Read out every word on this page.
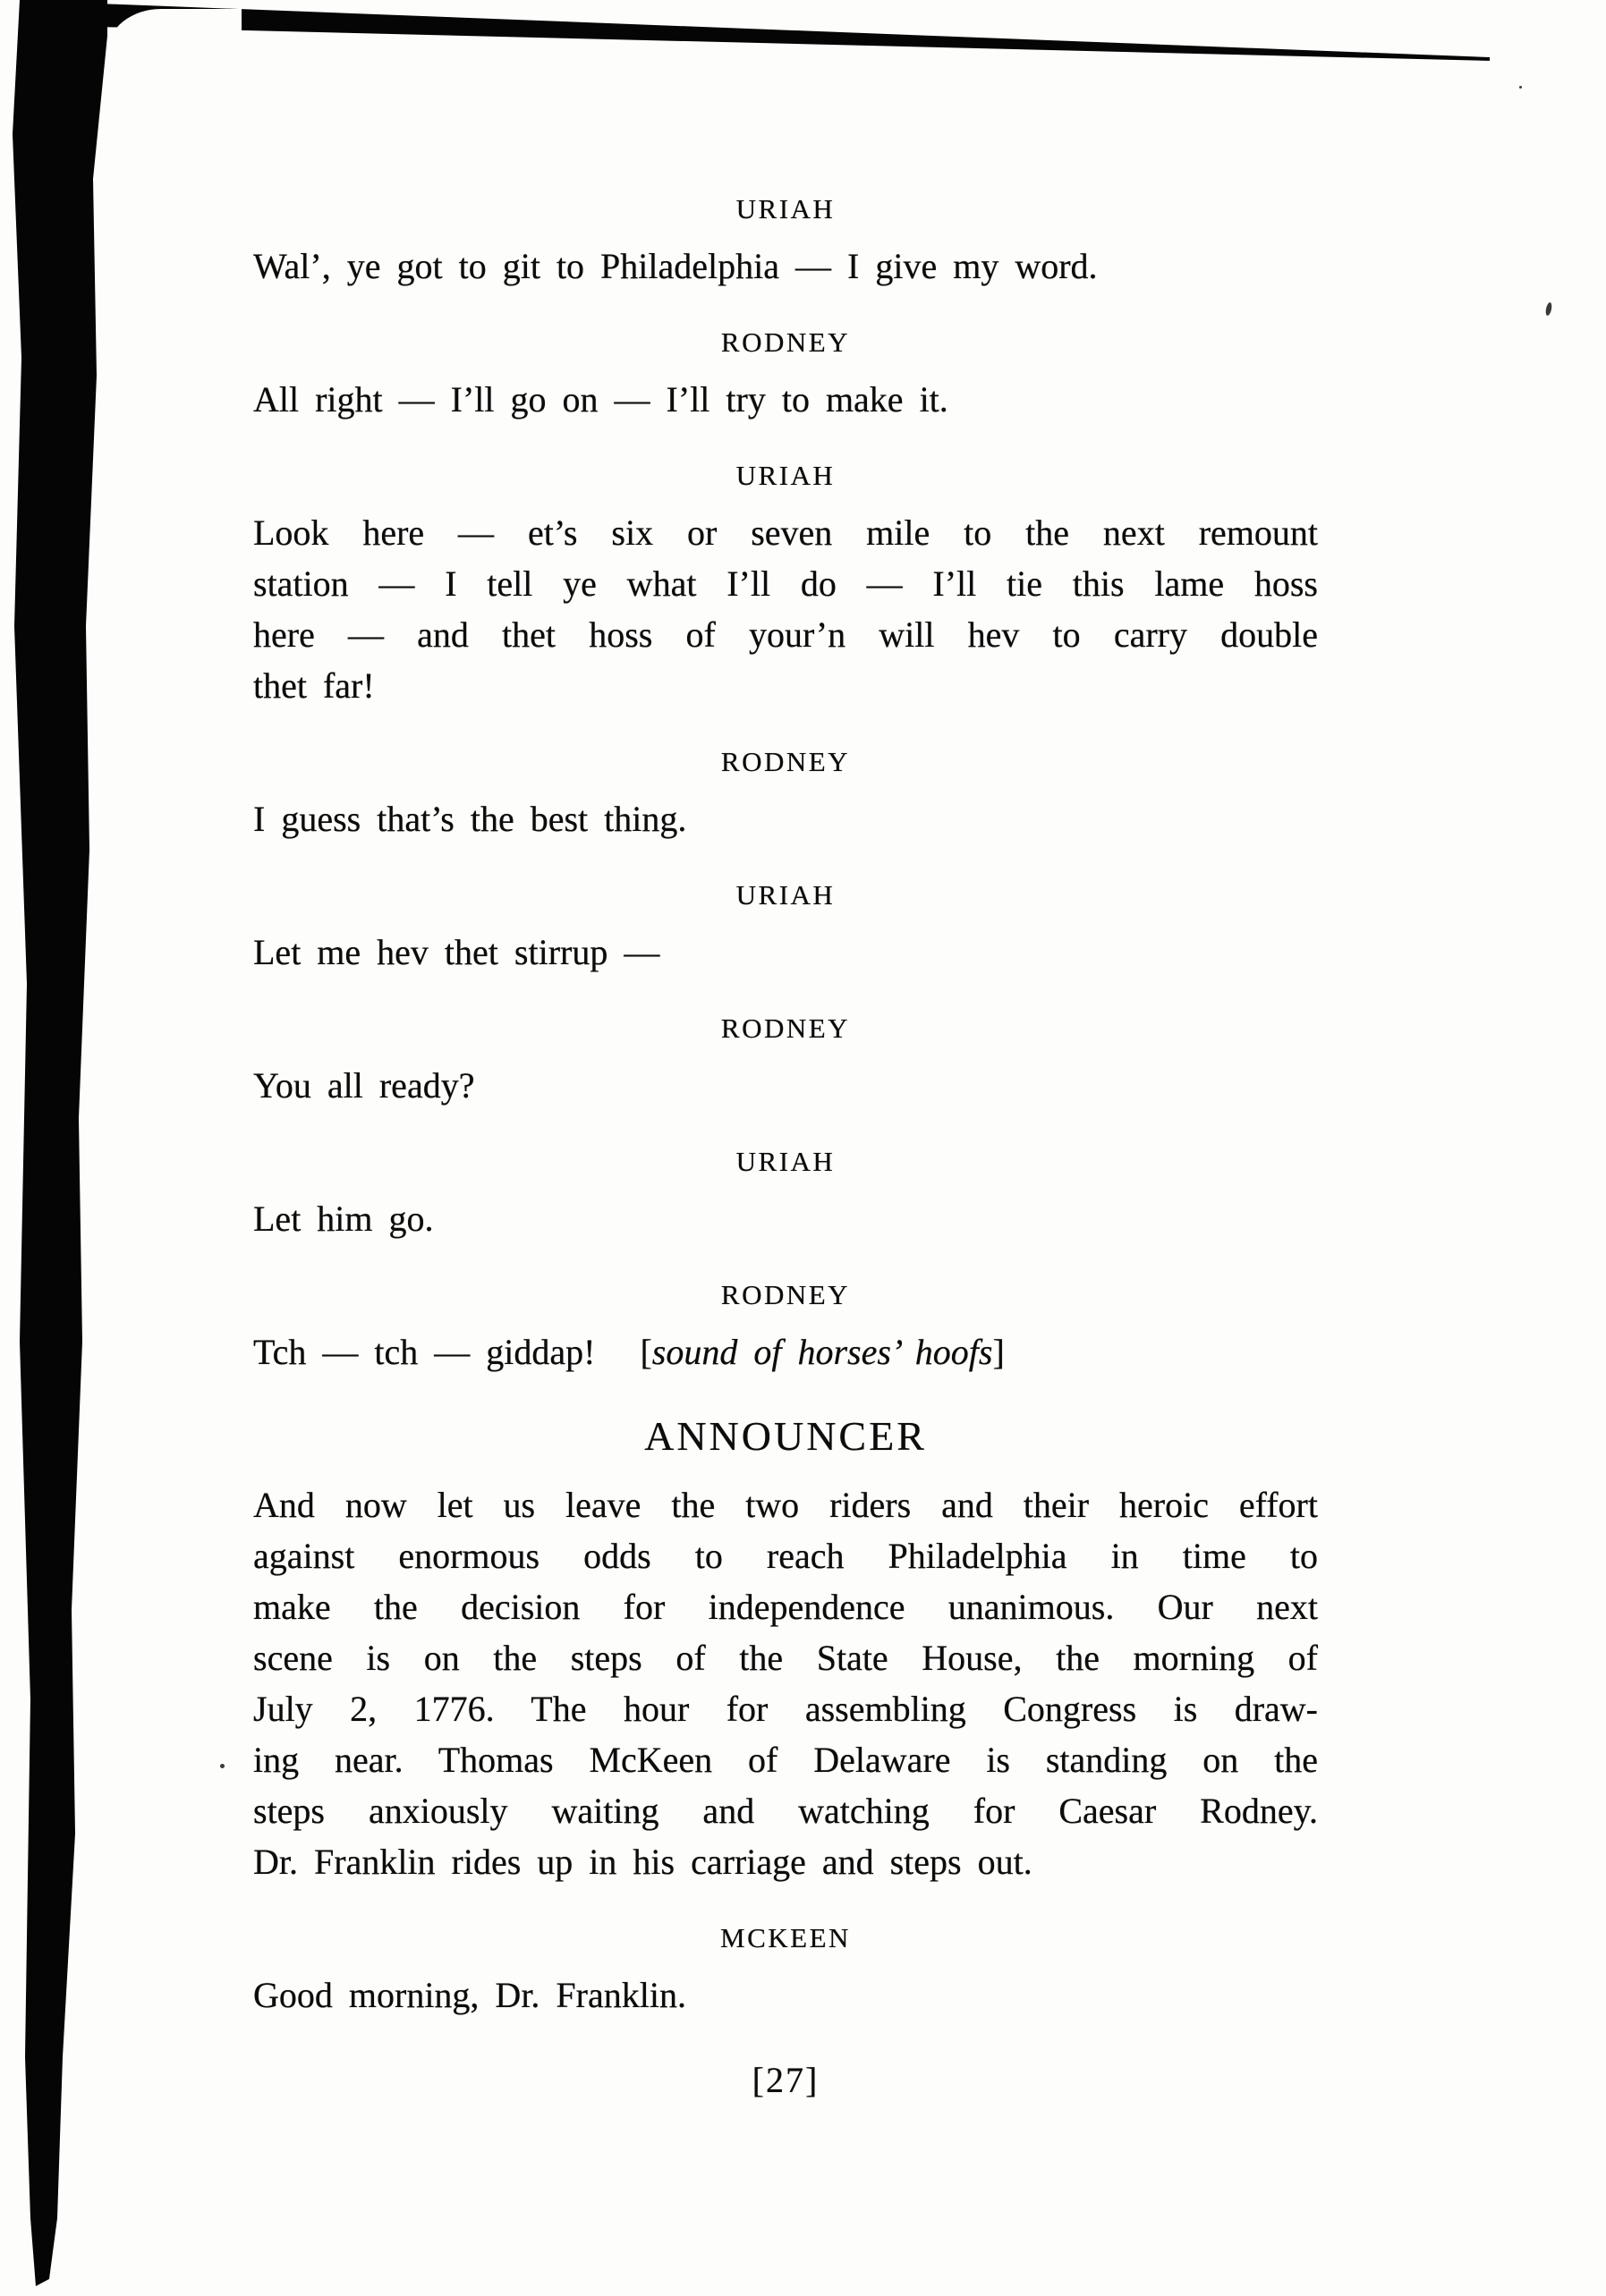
URIAH
Wal’, ye got to git to Philadelphia — I give my word.
RODNEY
All right — I’ll go on — I’ll try to make it.
URIAH
Look here — et’s six or seven mile to the next remount
station — I tell ye what I’ll do — I’ll tie this lame hoss
here — and thet hoss of your’n will hev to carry double
thet far!
RODNEY
I guess that’s the best thing.
URIAH
Let me hev thet stirrup —
RODNEY
You all ready?
URIAH
Let him go.
RODNEY
Tch — tch — giddap! [sound of horses’ hoofs]
ANNOUNCER
And now let us leave the two riders and their heroic effort
against enormous odds to reach Philadelphia in time to
make the decision for independence unanimous. Our next
scene is on the steps of the State House, the morning of
July 2, 1776. The hour for assembling Congress is draw-
ing near. Thomas McKeen of Delaware is standing on the
steps anxiously waiting and watching for Caesar Rodney.
Dr. Franklin rides up in his carriage and steps out.
MCKEEN
Good morning, Dr. Franklin.
[27]
